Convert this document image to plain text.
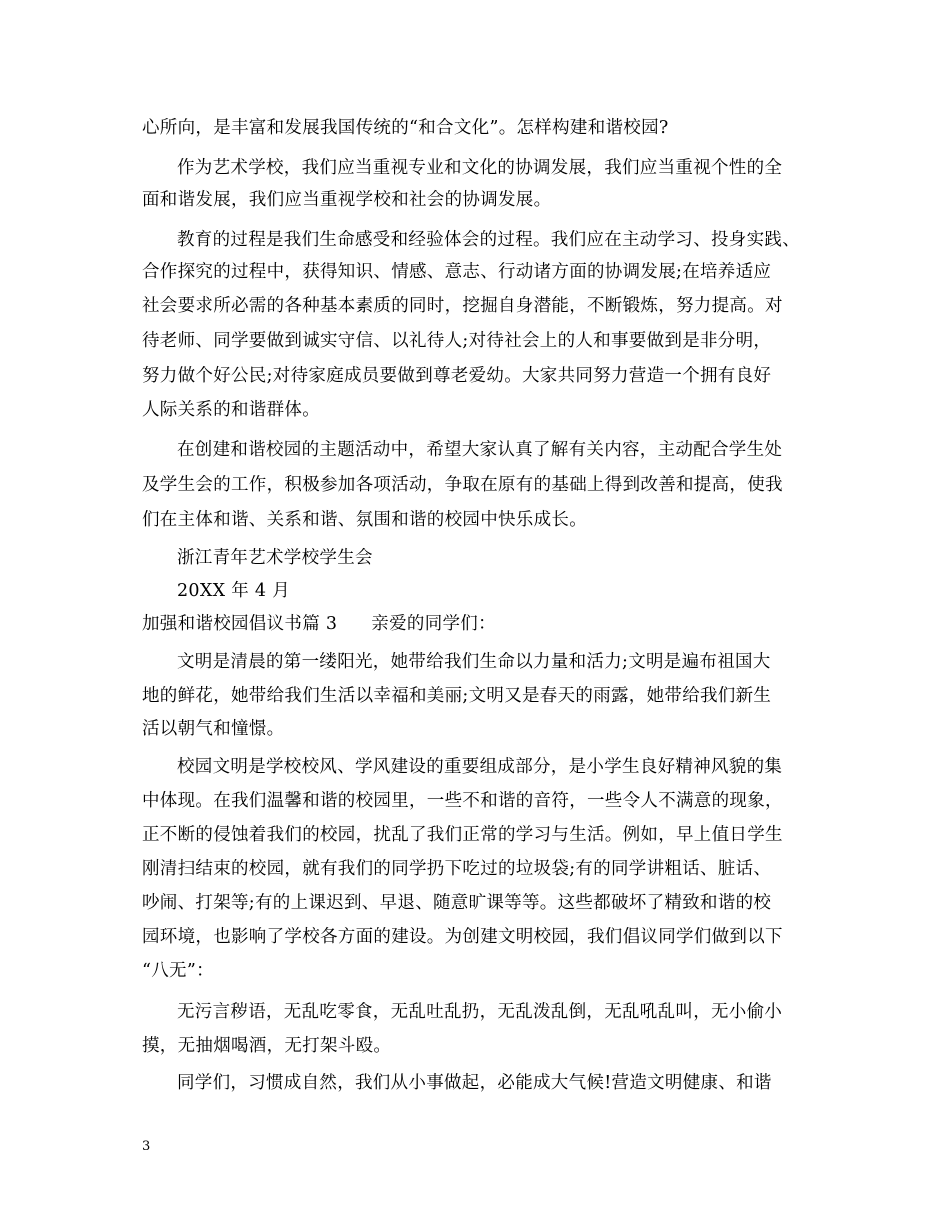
心所向，是丰富和发展我国传统的“和合文化”。怎样构建和谐校园?
作为艺术学校，我们应当重视专业和文化的协调发展，我们应当重视个性的全
面和谐发展，我们应当重视学校和社会的协调发展。
教育的过程是我们生命感受和经验体会的过程。我们应在主动学习、投身实践、
合作探究的过程中，获得知识、情感、意志、行动诸方面的协调发展;在培养适应
社会要求所必需的各种基本素质的同时，挖掘自身潜能，不断锻炼，努力提高。对
待老师、同学要做到诚实守信、以礼待人;对待社会上的人和事要做到是非分明，
努力做个好公民;对待家庭成员要做到尊老爱幼。大家共同努力营造一个拥有良好
人际关系的和谐群体。
在创建和谐校园的主题活动中，希望大家认真了解有关内容，主动配合学生处
及学生会的工作，积极参加各项活动，争取在原有的基础上得到改善和提高，使我
们在主体和谐、关系和谐、氛围和谐的校园中快乐成长。
浙江青年艺术学校学生会
20XX 年 4 月
加强和谐校园倡议书篇 3 亲爱的同学们：
文明是清晨的第一缕阳光，她带给我们生命以力量和活力;文明是遍布祖国大
地的鲜花，她带给我们生活以幸福和美丽;文明又是春天的雨露，她带给我们新生
活以朝气和憧憬。
校园文明是学校校风、学风建设的重要组成部分，是小学生良好精神风貌的集
中体现。在我们温馨和谐的校园里，一些不和谐的音符，一些令人不满意的现象，
正不断的侵蚀着我们的校园，扰乱了我们正常的学习与生活。例如，早上值日学生
刚清扫结束的校园，就有我们的同学扔下吃过的垃圾袋;有的同学讲粗话、脏话、
吵闹、打架等;有的上课迟到、早退、随意旷课等等。这些都破坏了精致和谐的校
园环境，也影响了学校各方面的建设。为创建文明校园，我们倡议同学们做到以下
“八无”：
无污言秽语，无乱吃零食，无乱吐乱扔，无乱泼乱倒，无乱吼乱叫，无小偷小
摸，无抽烟喝酒，无打架斗殴。
同学们，习惯成自然，我们从小事做起，必能成大气候!营造文明健康、和谐
3
